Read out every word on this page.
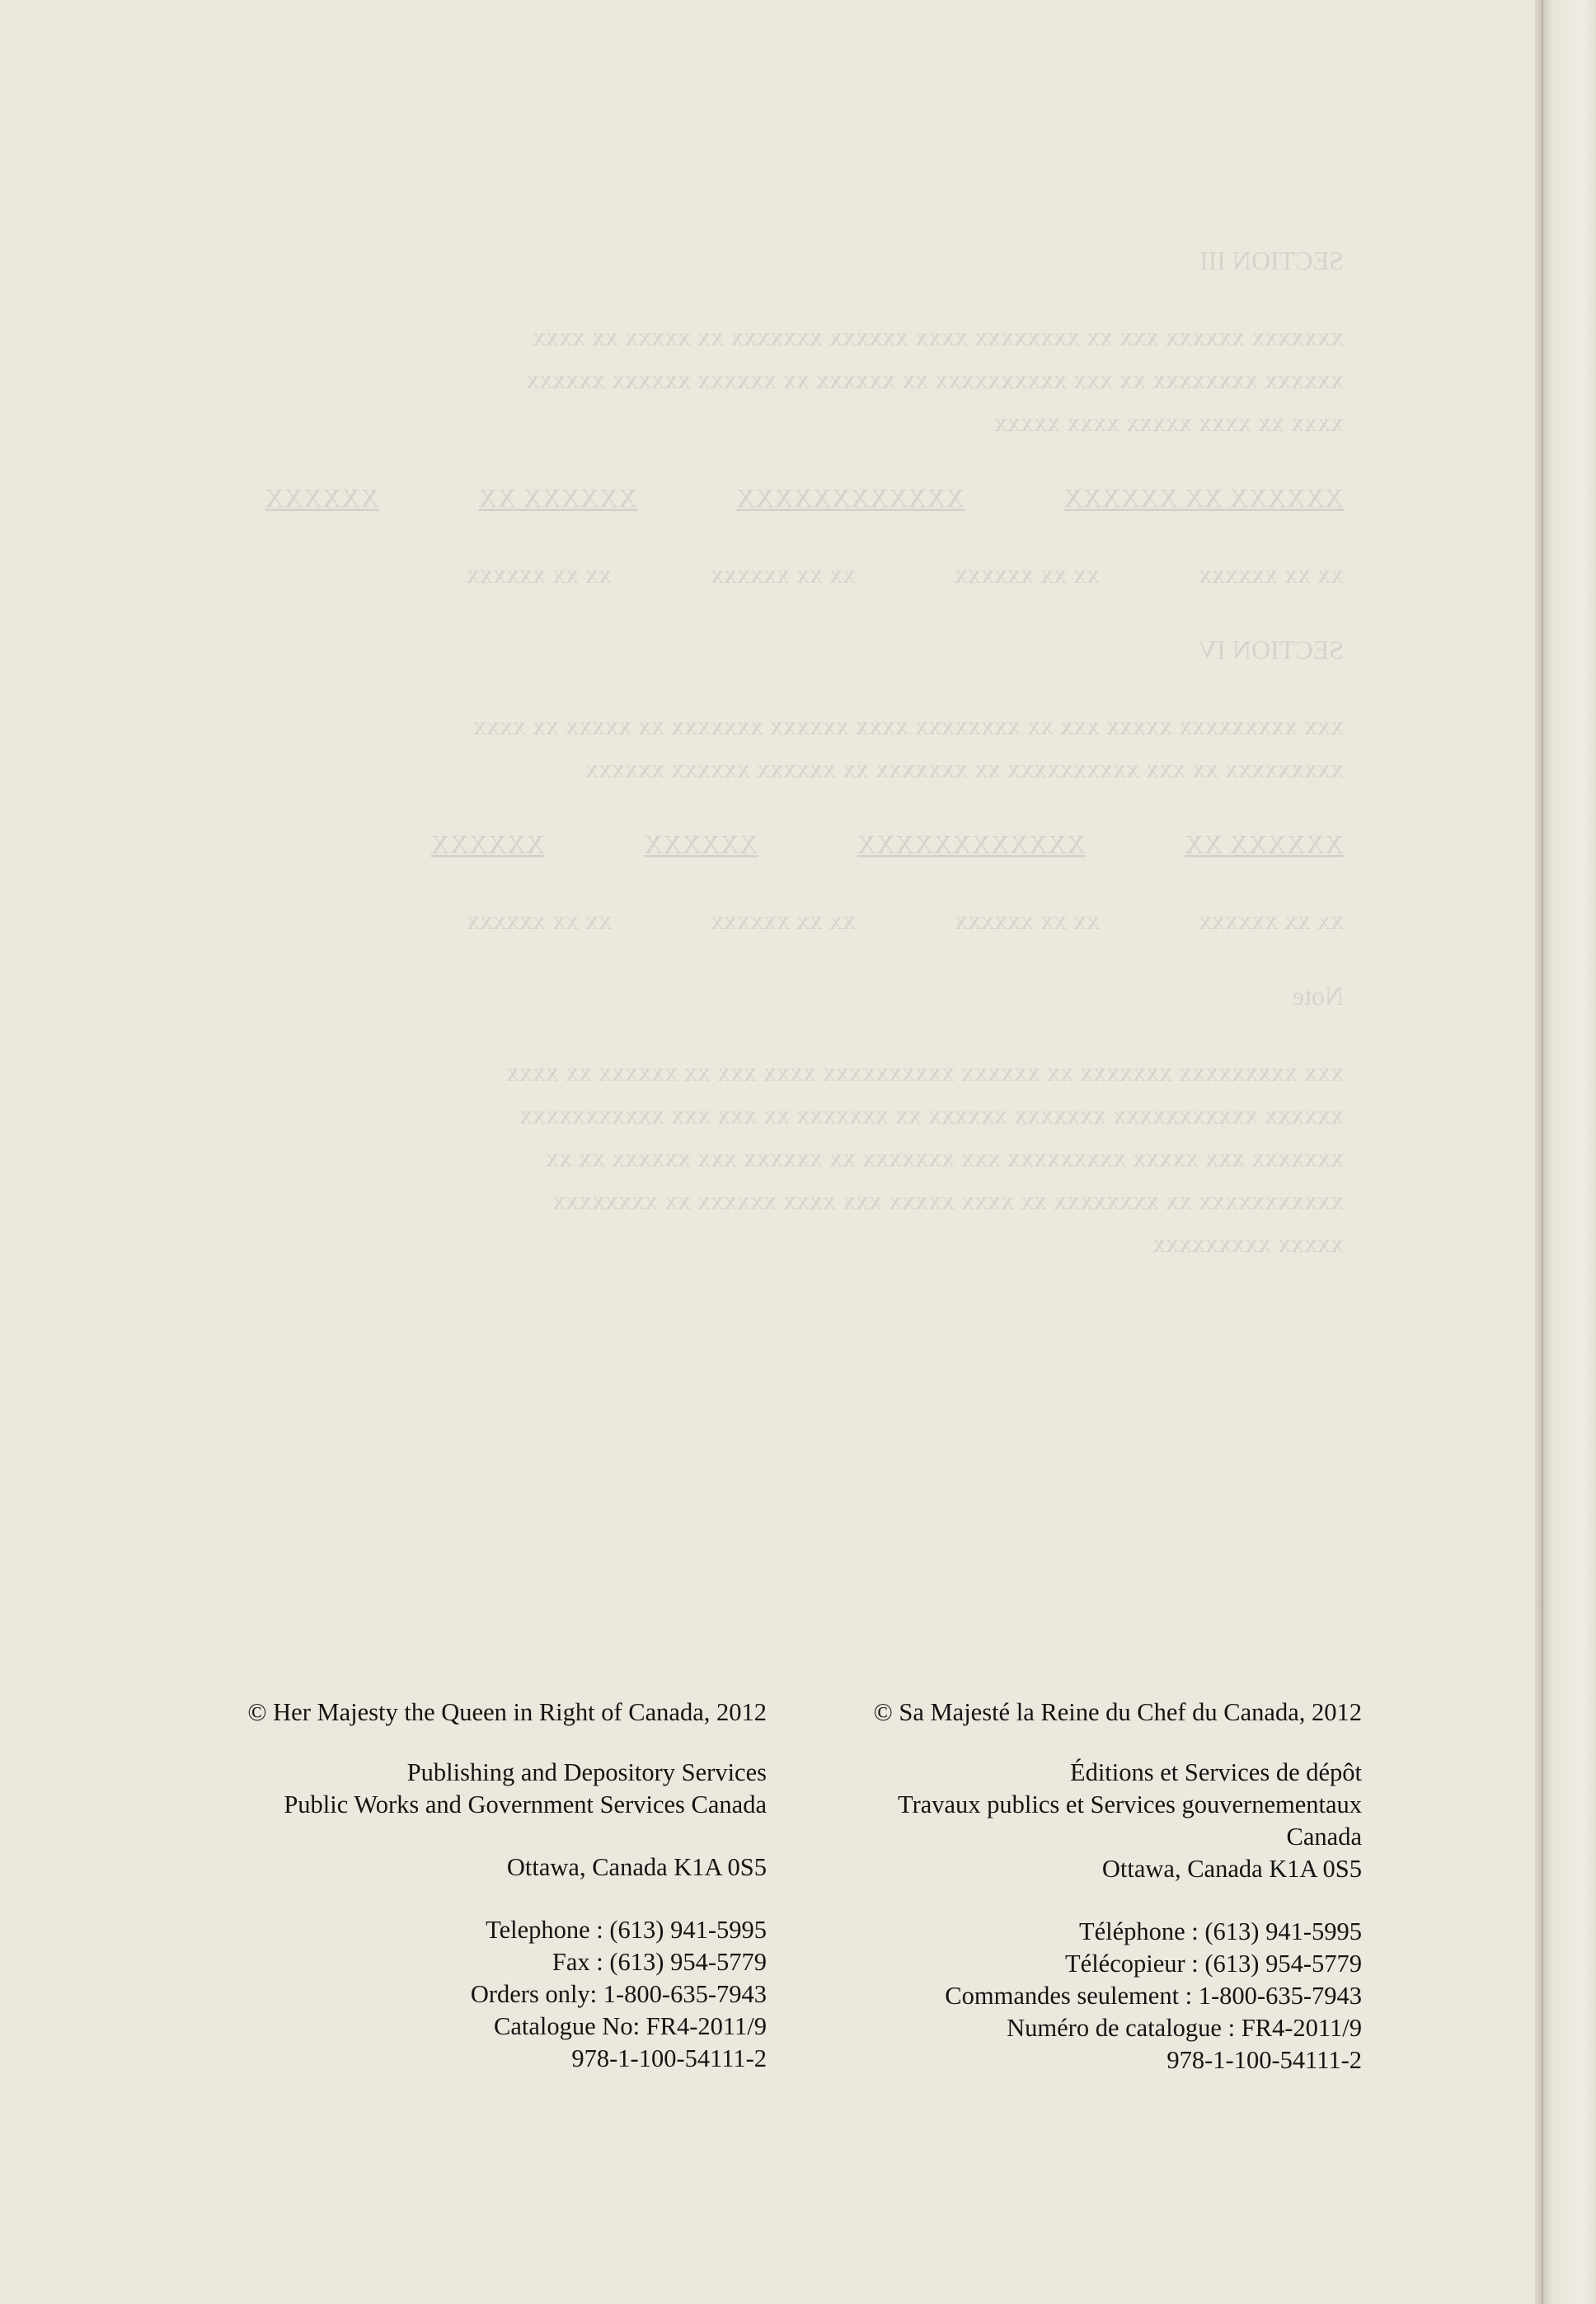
SECTION III
xxxxxxx xxxxxx xxx xx xxxxxxxx xxxx xxxxxx xxxxxxx xx xxxxx xx xxxx
xxxxxx xxxxxxxx xx xxx xxxxxxxxxx xx xxxxxx xx xxxxxx xxxxxx xxxxxx
xxxx xx xxxx xxxxx xxxx xxxxx
XXXXXX XX XXXXXX
XXXXXXXXXXXX
XXXXXX XX
XXXXXX
xx xx xxxxxx
xx xx xxxxxx
xx xx xxxxxx
xx xx xxxxxx
SECTION IV
xxx xxxxxxxxx xxxxx xxx xx xxxxxxxx xxxx xxxxxx xxxxxxx xx xxxxx xx xxxx
xxxxxxxxx xx xxx xxxxxxxxxx xx xxxxxxx xx xxxxxx xxxxxx xxxxxx
XXXXXX XX
XXXXXXXXXXXX
XXXXXX
XXXXXX
xx xx xxxxxx
xx xx xxxxxx
xx xx xxxxxx
xx xx xxxxxx
Note
xxx xxxxxxxxx xxxxxxx xx xxxxxx xxxxxxxxxx xxxx xxx xx xxxxxx xx xxxx
xxxxxx xxxxxxxxxxx xxxxxxx xxxxxx xx xxxxxxx xx xxx xxx xxxxxxxxxxx
xxxxxxx xxx xxxxx xxxxxxxxx xxx xxxxxxx xx xxxxxx xxx xxxxxx xx xx
xxxxxxxxxxx xx xxxxxxxx xx xxxx xxxxx xxx xxxx xxxxxx xx xxxxxxxx
xxxxx xxxxxxxxx
© Her Majesty the Queen in Right of Canada, 2012
Publishing and Depository Services
Public Works and Government Services Canada
Ottawa, Canada K1A 0S5
Telephone : (613) 941-5995
Fax : (613) 954-5779
Orders only: 1-800-635-7943
Catalogue No: FR4-2011/9
978-1-100-54111-2
© Sa Majesté la Reine du Chef du Canada, 2012
Éditions et Services de dépôt
Travaux publics et Services gouvernementaux
Canada
Ottawa, Canada K1A 0S5
Téléphone : (613) 941-5995
Télécopieur : (613) 954-5779
Commandes seulement : 1-800-635-7943
Numéro de catalogue : FR4-2011/9
978-1-100-54111-2
